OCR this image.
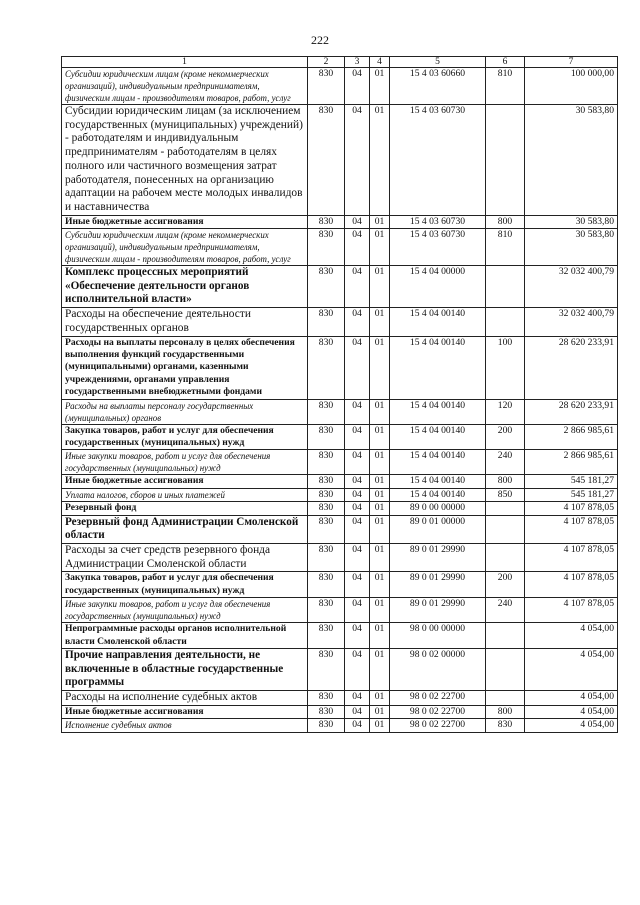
222
1	2	3	4	5	6	7
Субсидии юридическим лицам (кроме некоммерческих организаций), индивидуальным предпринимателям, физическим лицам - производителям товаров, работ, услуг	830	04	01	15 4 03 60660	810	100 000,00
Субсидии юридическим лицам (за исключением государственных (муниципальных) учреждений) - работодателям и индивидуальным предпринимателям - работодателям в целях полного или частичного возмещения затрат работодателя, понесенных на организацию адаптации на рабочем месте молодых инвалидов и наставничества	830	04	01	15 4 03 60730		30 583,80
Иные бюджетные ассигнования	830	04	01	15 4 03 60730	800	30 583,80
Субсидии юридическим лицам (кроме некоммерческих организаций), индивидуальным предпринимателям, физическим лицам - производителям товаров, работ, услуг	830	04	01	15 4 03 60730	810	30 583,80
Комплекс процессных мероприятий «Обеспечение деятельности органов исполнительной власти»	830	04	01	15 4 04 00000		32 032 400,79
Расходы на обеспечение деятельности государственных органов	830	04	01	15 4 04 00140		32 032 400,79
Расходы на выплаты персоналу в целях обеспечения выполнения функций государственными (муниципальными) органами, казенными учреждениями, органами управления государственными внебюджетными фондами	830	04	01	15 4 04 00140	100	28 620 233,91
Расходы на выплаты персоналу государственных (муниципальных) органов	830	04	01	15 4 04 00140	120	28 620 233,91
Закупка товаров, работ и услуг для обеспечения государственных (муниципальных) нужд	830	04	01	15 4 04 00140	200	2 866 985,61
Иные закупки товаров, работ и услуг для обеспечения государственных (муниципальных) нужд	830	04	01	15 4 04 00140	240	2 866 985,61
Иные бюджетные ассигнования	830	04	01	15 4 04 00140	800	545 181,27
Уплата налогов, сборов и иных платежей	830	04	01	15 4 04 00140	850	545 181,27
Резервный фонд	830	04	01	89 0 00 00000		4 107 878,05
Резервный фонд Администрации Смоленской области	830	04	01	89 0 01 00000		4 107 878,05
Расходы за счет средств резервного фонда Администрации Смоленской области	830	04	01	89 0 01 29990		4 107 878,05
Закупка товаров, работ и услуг для обеспечения государственных (муниципальных) нужд	830	04	01	89 0 01 29990	200	4 107 878,05
Иные закупки товаров, работ и услуг для обеспечения государственных (муниципальных) нужд	830	04	01	89 0 01 29990	240	4 107 878,05
Непрограммные расходы органов исполнительной власти Смоленской области	830	04	01	98 0 00 00000		4 054,00
Прочие направления деятельности, не включенные в областные государственные программы	830	04	01	98 0 02 00000		4 054,00
Расходы на исполнение судебных актов	830	04	01	98 0 02 22700		4 054,00
Иные бюджетные ассигнования	830	04	01	98 0 02 22700	800	4 054,00
Исполнение судебных актов	830	04	01	98 0 02 22700	830	4 054,00
